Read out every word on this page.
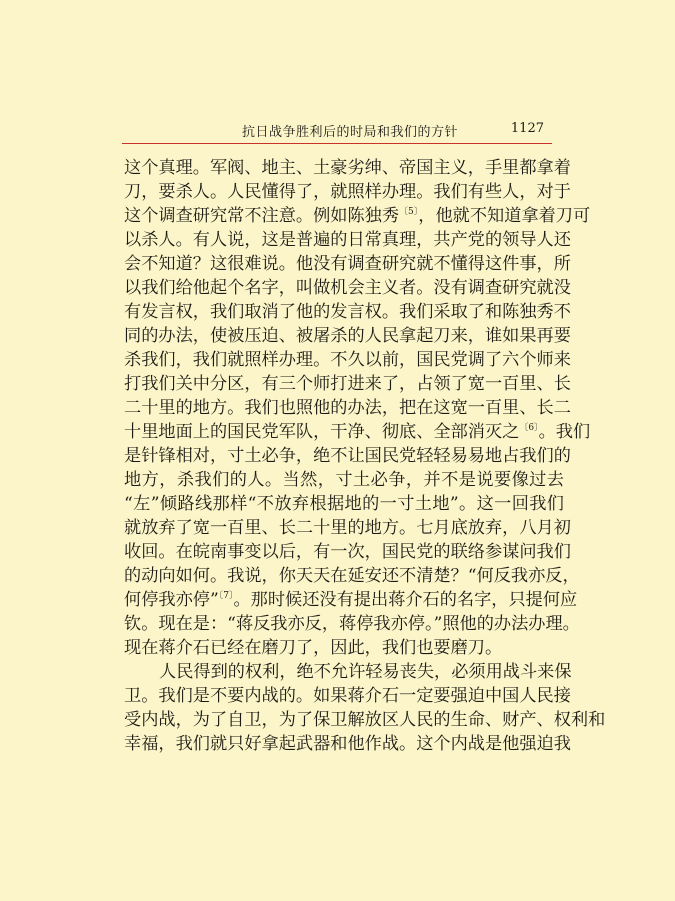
抗日战争胜利后的时局和我们的方针	1127
这个真理。军阀、地主、土豪劣绅、帝国主义，手里都拿着
刀，要杀人。人民懂得了，就照样办理。我们有些人，对于
这个调查研究常不注意。例如陈独秀$^{〔5〕}$，他就不知道拿着刀可
以杀人。有人说，这是普遍的日常真理，共产党的领导人还
会不知道？这很难说。他没有调查研究就不懂得这件事，所
以我们给他起个名字，叫做机会主义者。没有调查研究就没
有发言权，我们取消了他的发言权。我们采取了和陈独秀不
同的办法，使被压迫、被屠杀的人民拿起刀来，谁如果再要
杀我们，我们就照样办理。不久以前，国民党调了六个师来
打我们关中分区，有三个师打进来了，占领了宽一百里、长
二十里的地方。我们也照他的办法，把在这宽一百里、长二
十里地面上的国民党军队，干净、彻底、全部消灭之$^{〔6〕}$。我们
是针锋相对，寸土必争，绝不让国民党轻轻易易地占我们的
地方，杀我们的人。当然，寸土必争，并不是说要像过去
“左”倾路线那样“不放弃根据地的一寸土地”。这一回我们
就放弃了宽一百里、长二十里的地方。七月底放弃，八月初
收回。在皖南事变以后，有一次，国民党的联络参谋问我们
的动向如何。我说，你天天在延安还不清楚？“何反我亦反，
何停我亦停”$^{〔7〕}$。那时候还没有提出蒋介石的名字，只提何应
钦。现在是：“蒋反我亦反，蒋停我亦停。”照他的办法办理。
现在蒋介石已经在磨刀了，因此，我们也要磨刀。
人民得到的权利，绝不允许轻易丧失，必须用战斗来保
卫。我们是不要内战的。如果蒋介石一定要强迫中国人民接
受内战，为了自卫，为了保卫解放区人民的生命、财产、权利和
幸福，我们就只好拿起武器和他作战。这个内战是他强迫我
